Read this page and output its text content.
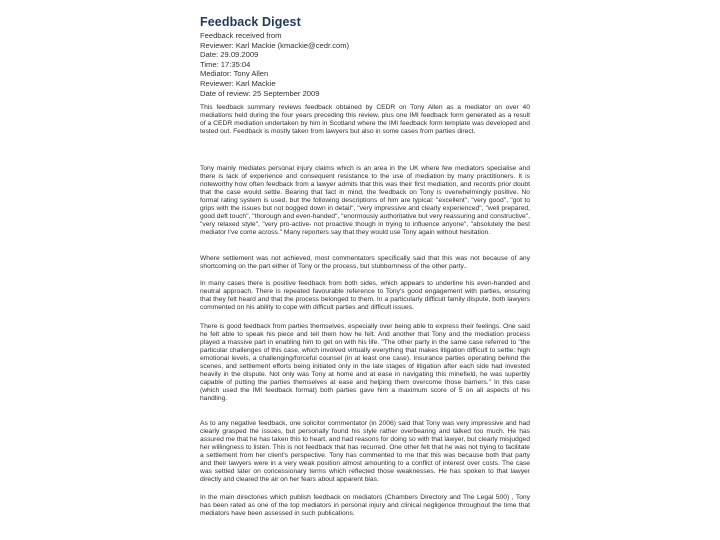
Feedback Digest
Feedback received from
Reviewer: Karl Mackie (kmackie@cedr.com)
Date: 29.09.2009
Time: 17:35:04
Mediator: Tony Allen
Reviewer: Karl Mackie
Date of review: 25 September 2009
This feedback summary reviews feedback obtained by CEDR on Tony Allen as a mediator on over 40 mediations held during the four years preceding this review, plus one IMI feedback form generated as a result of a CEDR mediation undertaken by him in Scotland where the IMI feedback form template was developed and tested out. Feedback is mostly taken from lawyers but also in some cases from parties direct.
Tony mainly mediates personal injury claims which is an area in the UK where few mediators specialise and there is lack of experience and consequent resistance to the use of mediation by many practitioners. It is noteworthy how often feedback from a lawyer admits that this was their first mediation, and records prior doubt that the case would settle. Bearing that fact in mind, the feedback on Tony is overwhelmingly positive. No formal rating system is used, but the following descriptions of him are typical: "excellent", "very good", "got to grips with the issues but not bogged down in detail", "very impressive and clearly experienced", "well prepared, good deft touch", "thorough and even-handed", "enormously authoritative but very reassuring and constructive", "very relaxed style", "very pro-active- not proactive though in trying to influence anyone", "absolutely the best mediator I've come across." Many reporters say that they would use Tony again without hesitation.
Where settlement was not achieved, most commentators specifically said that this was not because of any shortcoming on the part either of Tony or the process, but stubbornness of the other party..
In many cases there is positive feedback from both sides, which appears to underline his even-handed and neutral approach. There is repeated favourable reference to Tony's good engagement with parties, ensuring that they felt heard and that the process belonged to them. In a particularly difficult family dispute, both lawyers commented on his ability to cope with difficult parties and difficult issues.
There is good feedback from parties themselves, especially over being able to express their feelings. One said he felt able to speak his piece and tell them how he felt. And another that Tony and the mediation process played a massive part in enabling him to get on with his life. "The other party in the same case referred to "the particular challenges of this case, which involved virtually everything that makes litigation difficult to settle: high emotional levels, a challenging/forceful counsel (in at least one case). Insurance parties operating behind the scenes, and settlement efforts being initiated only in the late stages of litigation after each side had invested heavily in the dispute. Not only was Tony at home and at ease in navigating this minefield, he was superbly capable of putting the parties themselves at ease and helping them overcome those barriers." In this case (which used the IMI feedback format) both parties gave him a maximum score of 5 on all aspects of his handling.
As to any negative feedback, one solicitor commentator (in 2006) said that Tony was very impressive and had clearly grasped the issues, but personally found his style rather overbearing and talked too much. He has assured me that he has taken this to heart, and had reasons for doing so with that lawyer, but clearly misjudged her willingness to listen. This is not feedback that has recurred. One other felt that he was not trying to facilitate a settlement from her client's perspective. Tony has commented to me that this was because both that party and their lawyers were in a very weak position almost amounting to a conflict of interest over costs. The case was settled later on concessionary terms which reflected those weaknesses. He has spoken to that lawyer directly and cleared the air on her fears about apparent bias.
In the main directories which publish feedback on mediators (Chambers Directory and The Legal 500) , Tony has been rated as one of the top mediators in personal injury and clinical negligence throughout the time that mediators have been assessed in such publications.
